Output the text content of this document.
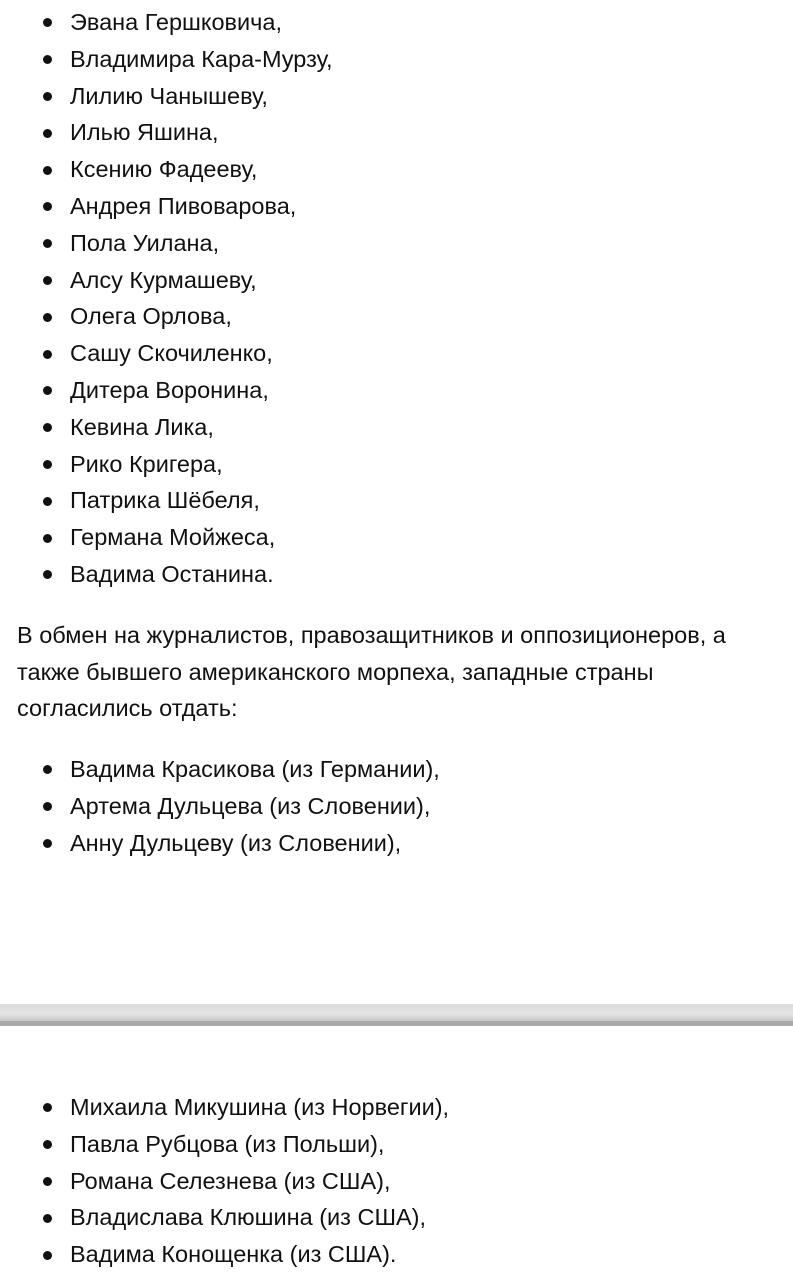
Эвана Гершковича,
Владимира Кара-Мурзу,
Лилию Чанышеву,
Илью Яшина,
Ксению Фадееву,
Андрея Пивоварова,
Пола Уилана,
Алсу Курмашеву,
Олега Орлова,
Сашу Скочиленко,
Дитера Воронина,
Кевина Лика,
Рико Кригера,
Патрика Шёбеля,
Германа Мойжеса,
Вадима Останина.

В обмен на журналистов, правозащитников и оппозиционеров, а также бывшего американского морпеха, западные страны согласились отдать:

Вадима Красикова (из Германии),
Артема Дульцева (из Словении),
Анну Дульцеву (из Словении),
Михаила Микушина (из Норвегии),
Павла Рубцова (из Польши),
Романа Селезнева (из США),
Владислава Клюшина (из США),
Вадима Конощенка (из США).
